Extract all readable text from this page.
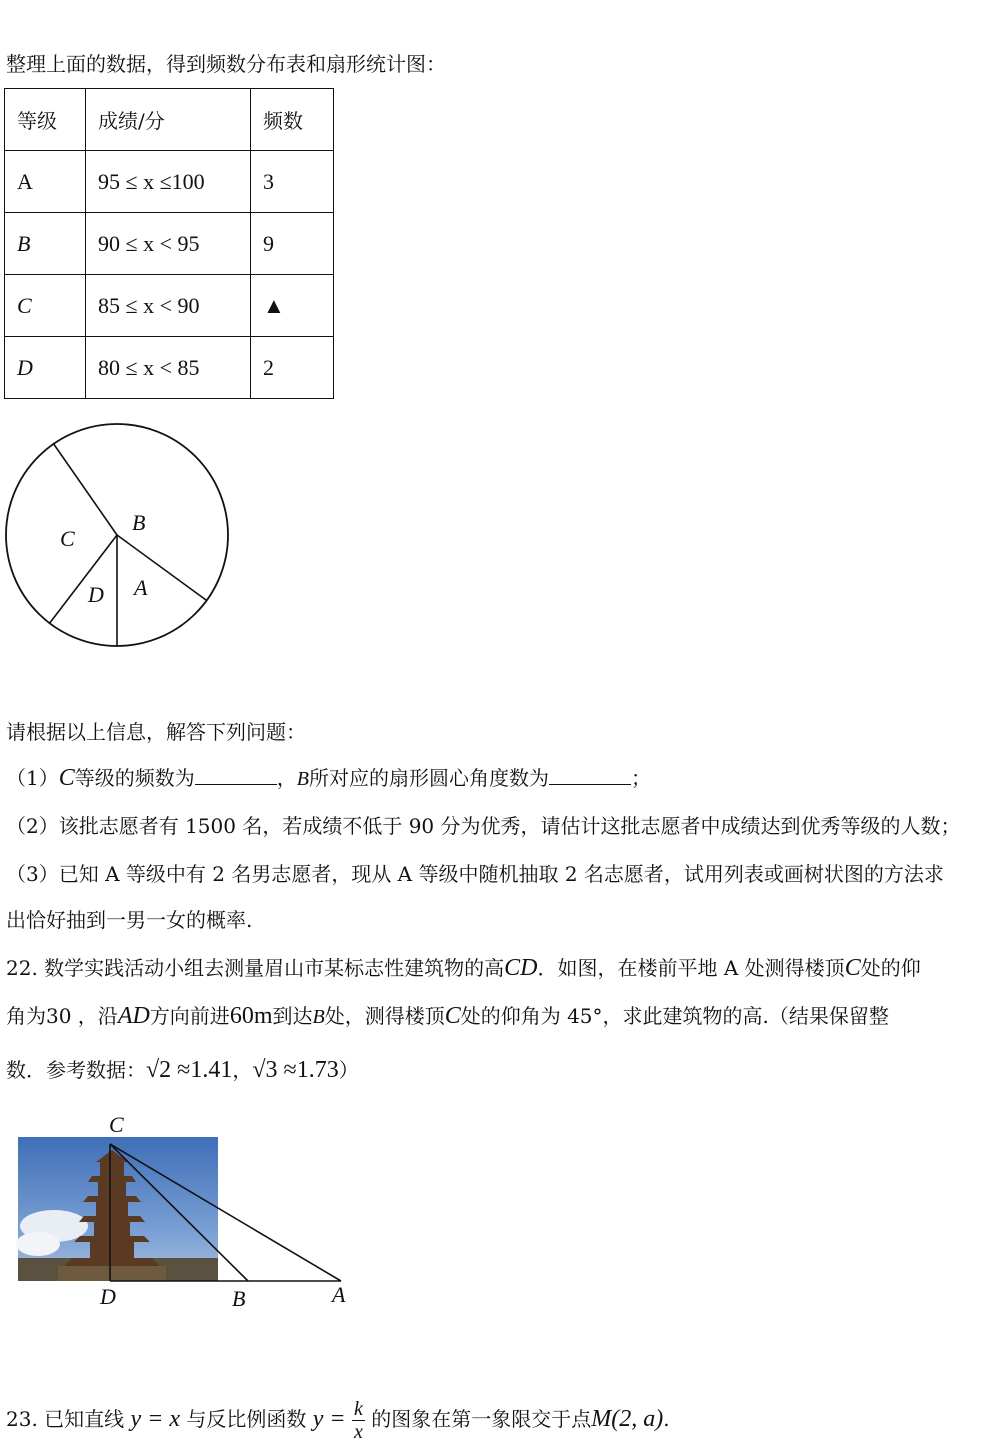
整理上面的数据，得到频数分布表和扇形统计图：
等级	成绩/分	频数
A	95 ≤ x ≤100	3
B	90 ≤ x < 95	9
C	85 ≤ x < 90	▲
D	80 ≤ x < 85	2
B
C
D A
请根据以上信息，解答下列问题：
（1）C等级的频数为	，B所对应的扇形圆心角度数为	；
（2）该批志愿者有 1500 名，若成绩不低于 90 分为优秀，请估计这批志愿者中成绩达到优秀等级的人数；
（3）已知 A 等级中有 2 名男志愿者，现从 A 等级中随机抽取 2 名志愿者，试用列表或画树状图的方法求
出恰好抽到一男一女的概率.
22. 数学实践活动小组去测量眉山市某标志性建筑物的高CD．如图，在楼前平地 A 处测得楼顶C处的仰
角为30 ，沿AD方向前进60m到达B处，测得楼顶C处的仰角为 45°，求此建筑物的高.（结果保留整
数．参考数据：√2 ≈1.41，√3 ≈1.73）
C
D	B	A
23. 已知直线 y = x 与反比例函数 $y = \frac{k}{x}$ 的图象在第一象限交于点M(2, a).
